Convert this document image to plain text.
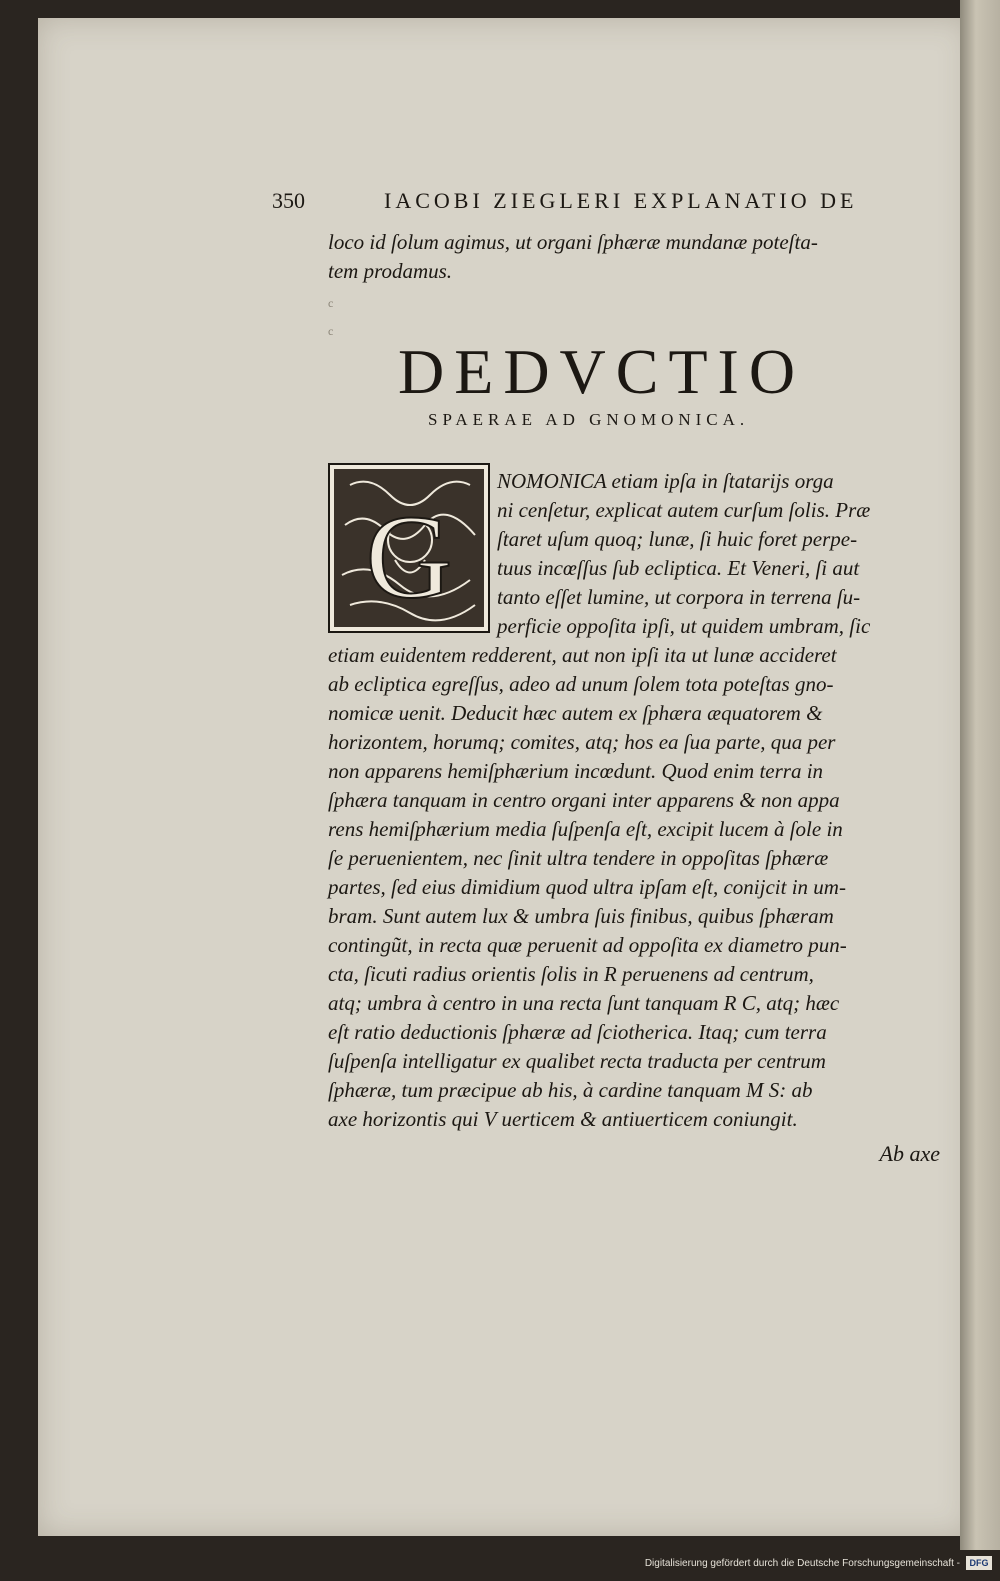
350	IACOBI ZIEGLERI EXPLANATIO DE
loco id ſolum agimus, ut organi ſphæræ mundanæ poteſta-
tem prodamus.
c
c
DEDVCTIO
SPAERAE AD GNOMONICA.
G
NOMONICA etiam ipſa in ſtatarijs orga
ni cenſetur, explicat autem curſum ſolis. Præ
ſtaret uſum quoq; lunæ, ſi huic foret perpe-
tuus incœſſus ſub ecliptica. Et Veneri, ſi aut
tanto eſſet lumine, ut corpora in terrena ſu-
perficie oppoſita ipſi, ut quidem umbram, ſic
etiam euidentem redderent, aut non ipſi ita ut lunæ accideret
ab ecliptica egreſſus, adeo ad unum ſolem tota poteſtas gno-
nomicæ uenit. Deducit hæc autem ex ſphæra æquatorem &
horizontem, horumq; comites, atq; hos ea ſua parte, qua per
non apparens hemiſphærium incœdunt. Quod enim terra in
ſphæra tanquam in centro organi inter apparens & non appa
rens hemiſphærium media ſuſpenſa eſt, excipit lucem à ſole in
ſe peruenientem, nec ſinit ultra tendere in oppoſitas ſphæræ
partes, ſed eius dimidium quod ultra ipſam eſt, conijcit in um-
bram. Sunt autem lux & umbra ſuis finibus, quibus ſphæram
contingũt, in recta quæ peruenit ad oppoſita ex diametro pun-
cta, ſicuti radius orientis ſolis in R peruenens ad centrum,
atq; umbra à centro in una recta ſunt tanquam R C, atq; hæc
eſt ratio deductionis ſphæræ ad ſciotherica. Itaq; cum terra
ſuſpenſa intelligatur ex qualibet recta traducta per centrum
ſphæræ, tum præcipue ab his, à cardine tanquam M S: ab
axe horizontis qui V uerticem & antiuerticem coniungit.
Ab axe
Digitalisierung gefördert durch die Deutsche Forschungsgemeinschaft -	DFG
